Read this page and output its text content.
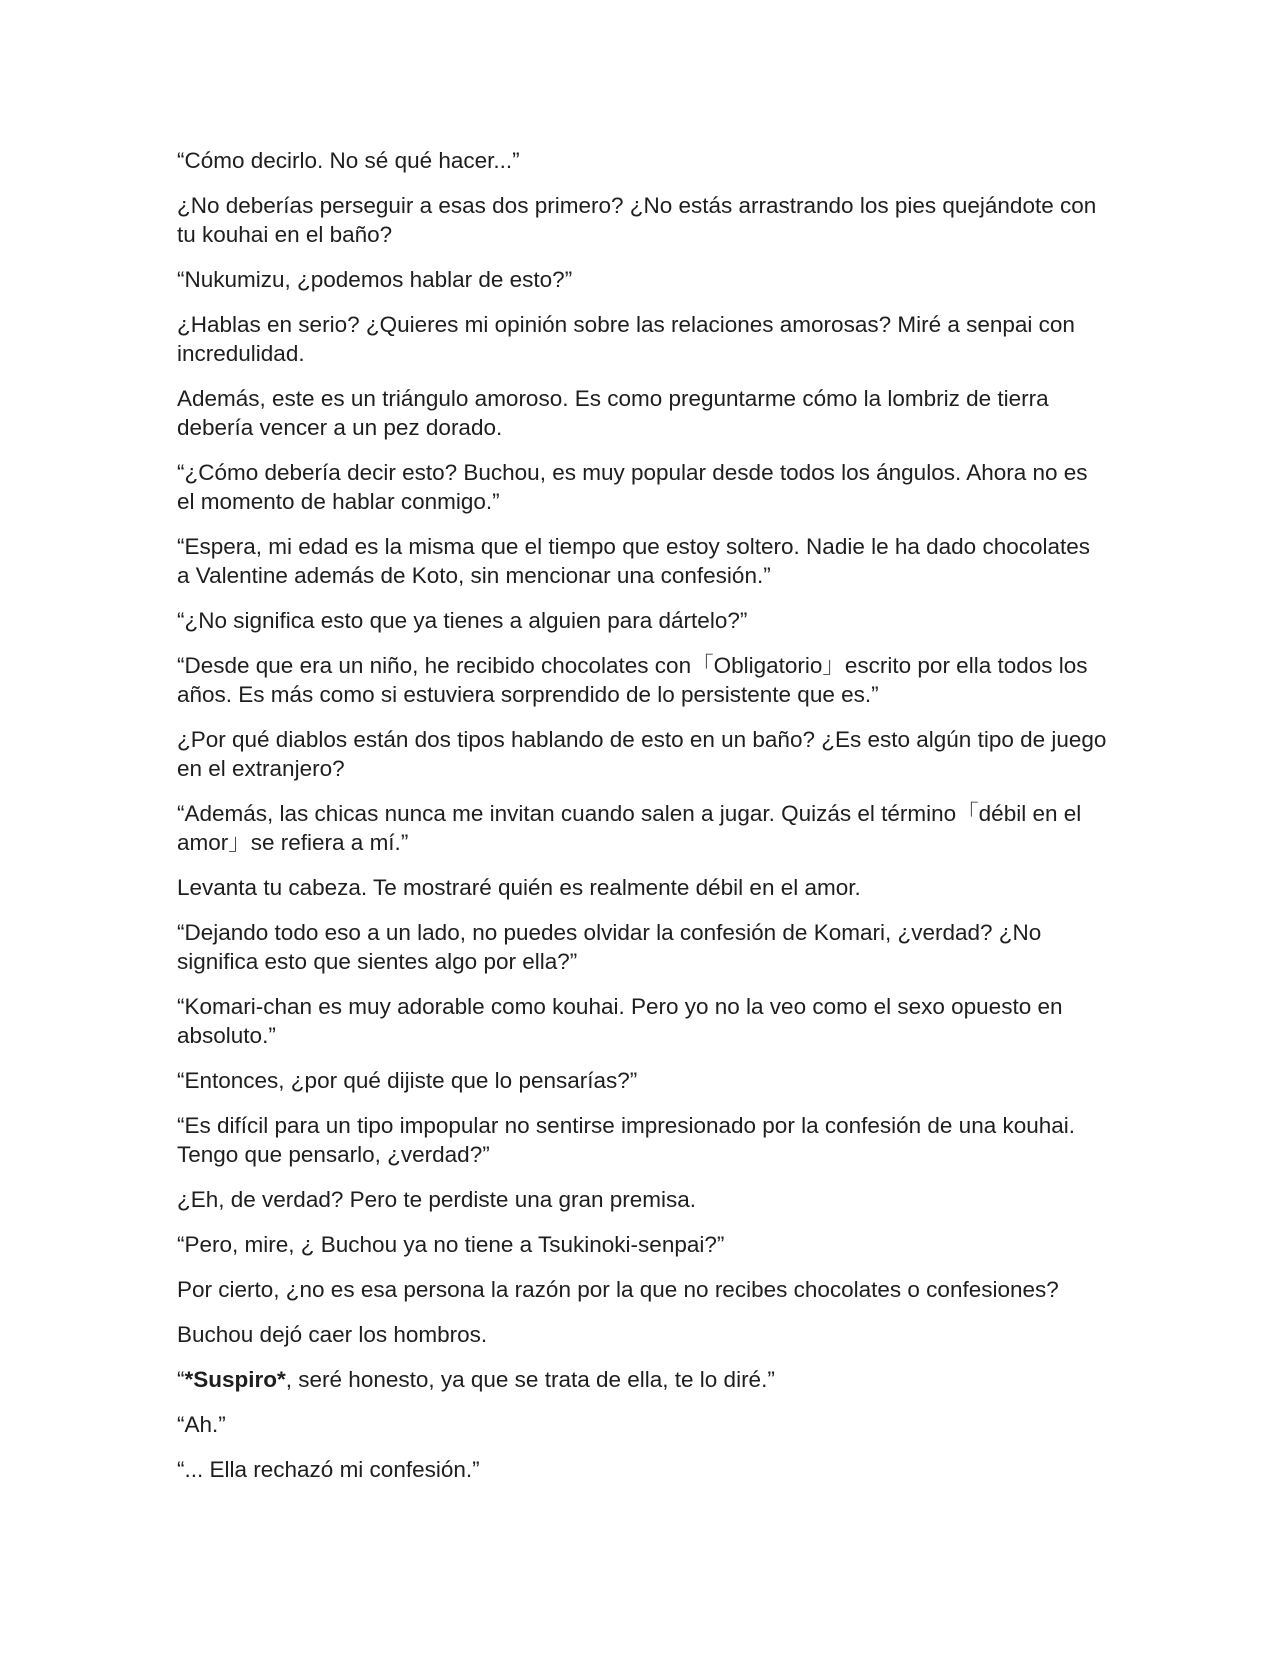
“Cómo decirlo. No sé qué hacer...”

¿No deberías perseguir a esas dos primero? ¿No estás arrastrando los pies quejándote con tu kouhai en el baño?

“Nukumizu, ¿podemos hablar de esto?”

¿Hablas en serio? ¿Quieres mi opinión sobre las relaciones amorosas? Miré a senpai con incredulidad.

Además, este es un triángulo amoroso. Es como preguntarme cómo la lombriz de tierra debería vencer a un pez dorado.

“¿Cómo debería decir esto? Buchou, es muy popular desde todos los ángulos. Ahora no es el momento de hablar conmigo.”

“Espera, mi edad es la misma que el tiempo que estoy soltero. Nadie le ha dado chocolates a Valentine además de Koto, sin mencionar una confesión.”

“¿No significa esto que ya tienes a alguien para dártelo?”

“Desde que era un niño, he recibido chocolates con「Obligatorio」escrito por ella todos los años. Es más como si estuviera sorprendido de lo persistente que es.”

¿Por qué diablos están dos tipos hablando de esto en un baño? ¿Es esto algún tipo de juego en el extranjero?

“Además, las chicas nunca me invitan cuando salen a jugar. Quizás el término「débil en el amor」se refiera a mí.”

Levanta tu cabeza. Te mostraré quién es realmente débil en el amor.

“Dejando todo eso a un lado, no puedes olvidar la confesión de Komari, ¿verdad? ¿No significa esto que sientes algo por ella?”

“Komari-chan es muy adorable como kouhai. Pero yo no la veo como el sexo opuesto en absoluto.”

“Entonces, ¿por qué dijiste que lo pensarías?”

“Es difícil para un tipo impopular no sentirse impresionado por la confesión de una kouhai. Tengo que pensarlo, ¿verdad?”

¿Eh, de verdad? Pero te perdiste una gran premisa.

“Pero, mire, ¿ Buchou ya no tiene a Tsukinoki-senpai?”

Por cierto, ¿no es esa persona la razón por la que no recibes chocolates o confesiones?

Buchou dejó caer los hombros.

“*Suspiro*, seré honesto, ya que se trata de ella, te lo diré.”

“Ah.”

“... Ella rechazó mi confesión.”
